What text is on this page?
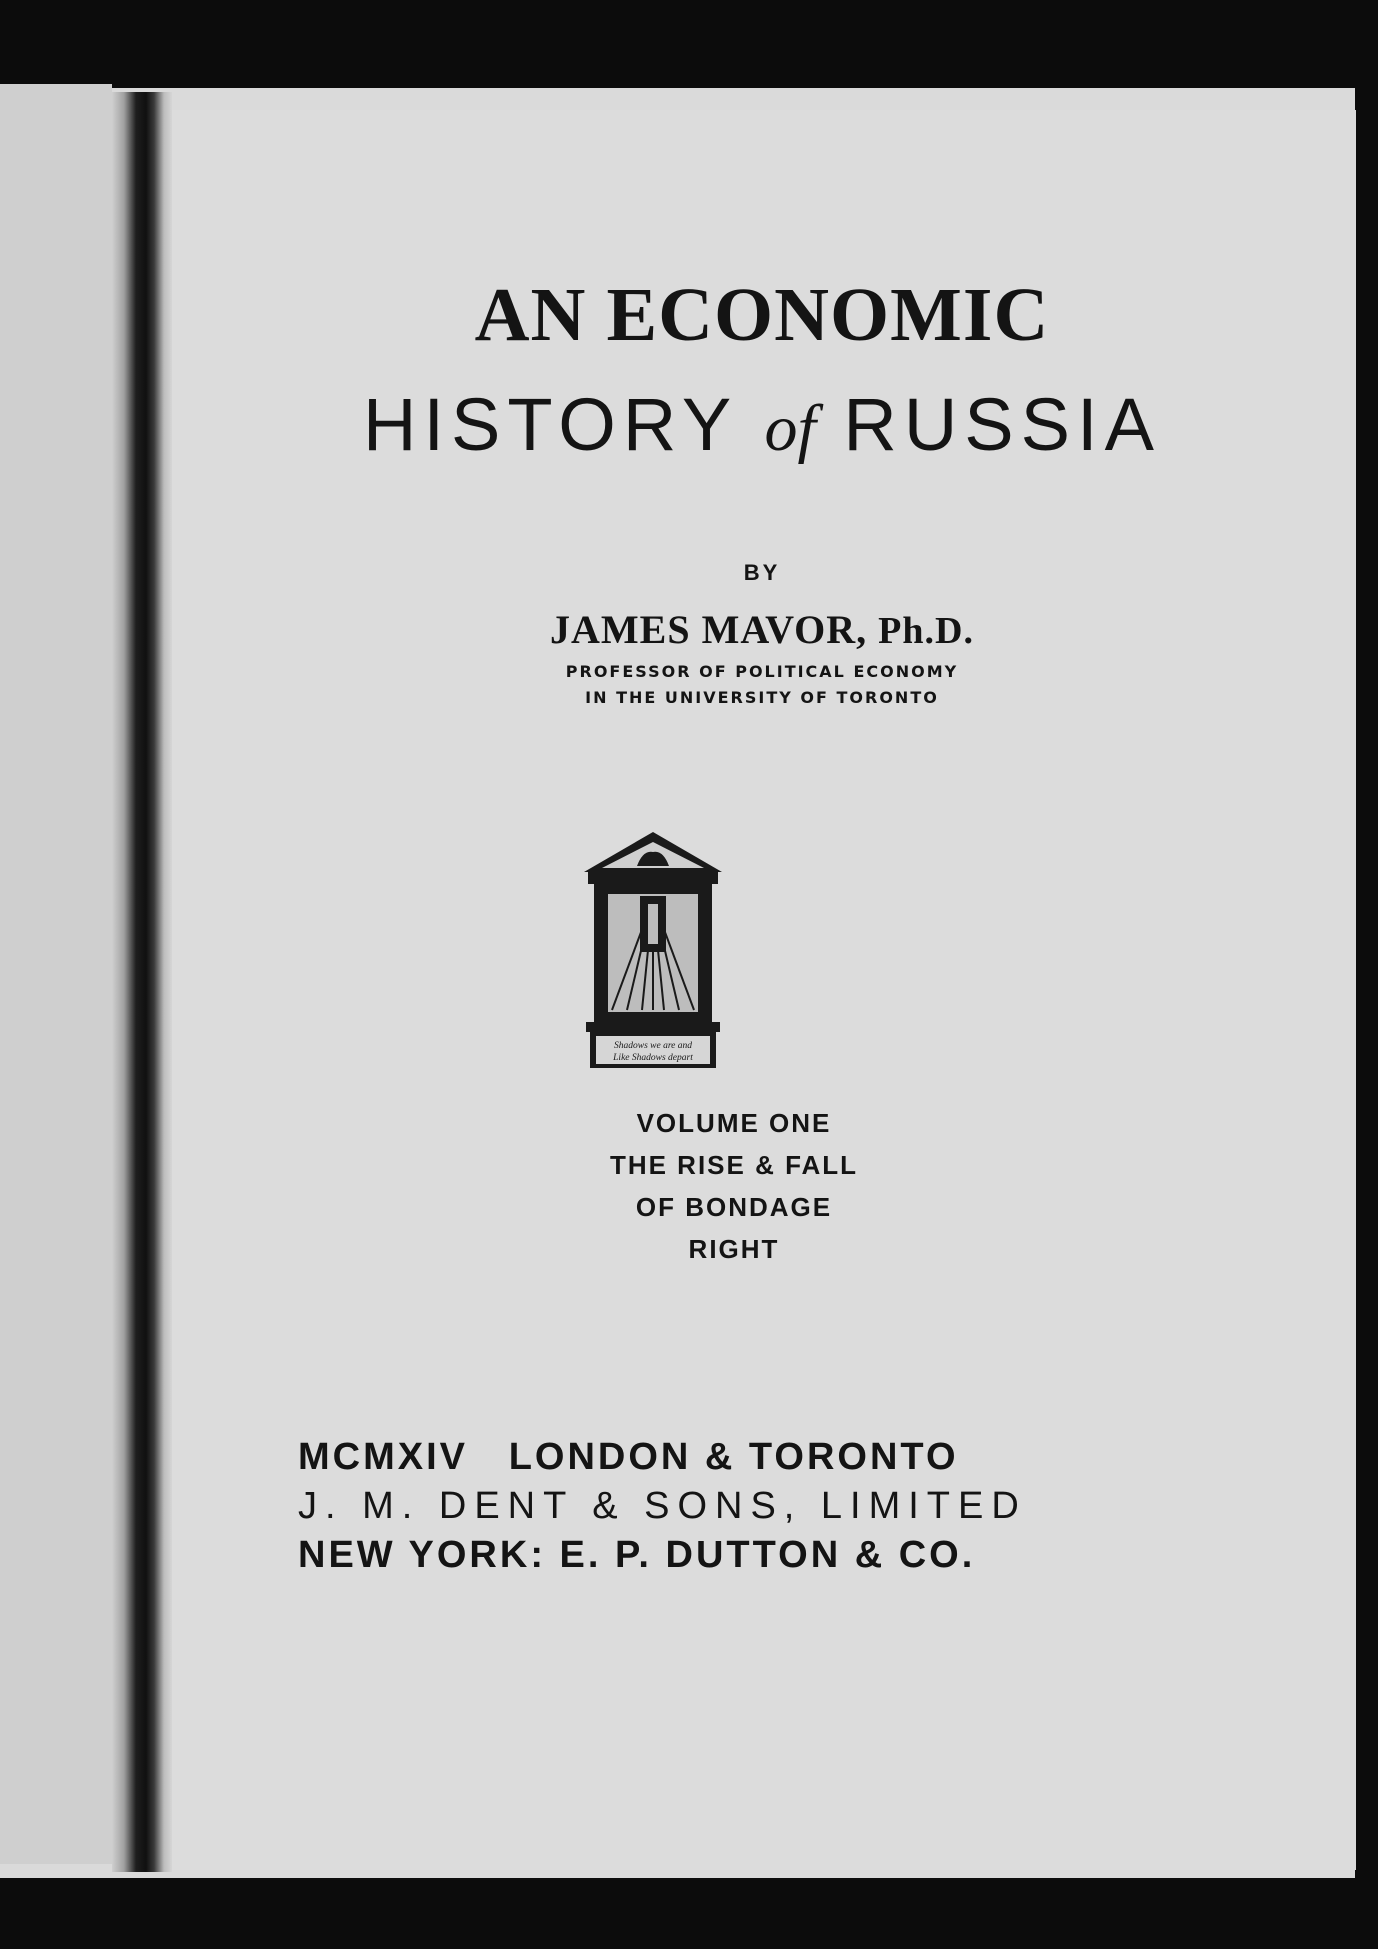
AN ECONOMIC
HISTORY of RUSSIA
BY
JAMES MAVOR, Ph.D.
PROFESSOR OF POLITICAL ECONOMY
IN THE UNIVERSITY OF TORONTO
Shadows we are and
Like Shadows depart
VOLUME ONE
THE RISE & FALL
OF BONDAGE
RIGHT
MCMXIV LONDON & TORONTO
J. M. DENT & SONS, LIMITED
NEW YORK: E. P. DUTTON & CO.
